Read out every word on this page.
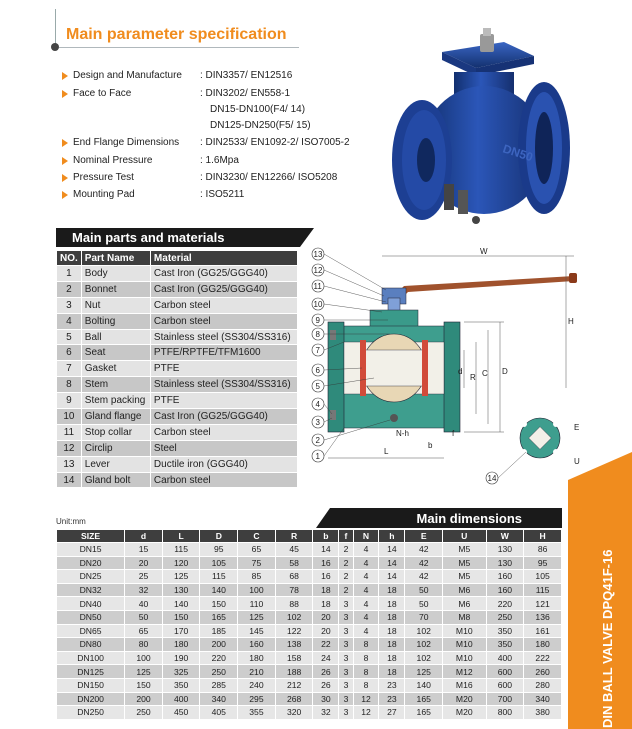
Main parameter specification
Design and Manufacture : DIN3357/ EN12516
Face to Face	: DIN3202/ EN558-1
DN15-DN100(F4/ 14)
DN125-DN250(F5/ 15)
End Flange Dimensions : DIN2533/ EN1092-2/ ISO7005-2
Nominal Pressure	: 1.6Mpa
Pressure Test	: DIN3230/ EN12266/ ISO5208
Mounting Pad	: ISO5211
DN50
Main parts and materials
NO.	Part Name	Material
1	Body	Cast Iron (GG25/GGG40)
2	Bonnet	Cast Iron (GG25/GGG40)
3	Nut	Carbon steel
4	Bolting	Carbon steel
5	Ball	Stainless steel (SS304/SS316)
6	Seat	PTFE/RPTFE/TFM1600
7	Gasket	PTFE
8	Stem	Stainless steel (SS304/SS316)
9	Stem packing	PTFE
10	Gland flange	Cast Iron (GG25/GGG40)
11	Stop collar	Carbon steel
12	Circlip	Steel
13	Lever	Ductile iron (GGG40)
14	Gland bolt	Carbon steel
W
d
R C D
H
L
N-h
b
f
E
U
1
2
3
4
5
6
7
8
9
10
11
12
13
14
Unit:mm	Main dimensions
SIZE	d	L	D	C	R	b	f	N	h	E	U	W	H
DN15	15	115	95	65	45	14	2	4	14	42	M5	130	86
DN20	20	120	105	75	58	16	2	4	14	42	M5	130	95
DN25	25	125	115	85	68	16	2	4	14	42	M5	160	105
DN32	32	130	140	100	78	18	2	4	18	50	M6	160	115
DN40	40	140	150	110	88	18	3	4	18	50	M6	220	121
DN50	50	150	165	125	102	20	3	4	18	70	M8	250	136
DN65	65	170	185	145	122	20	3	4	18	102	M10	350	161
DN80	80	180	200	160	138	22	3	8	18	102	M10	350	180
DN100	100	190	220	180	158	24	3	8	18	102	M10	400	222
DN125	125	325	250	210	188	26	3	8	18	125	M12	600	260
DN150	150	350	285	240	212	26	3	8	23	140	M16	600	280
DN200	200	400	340	295	268	30	3	12	23	165	M20	700	340
DN250	250	450	405	355	320	32	3	12	27	165	M20	800	380	DIN BALL VALVE DPQ41F-16
